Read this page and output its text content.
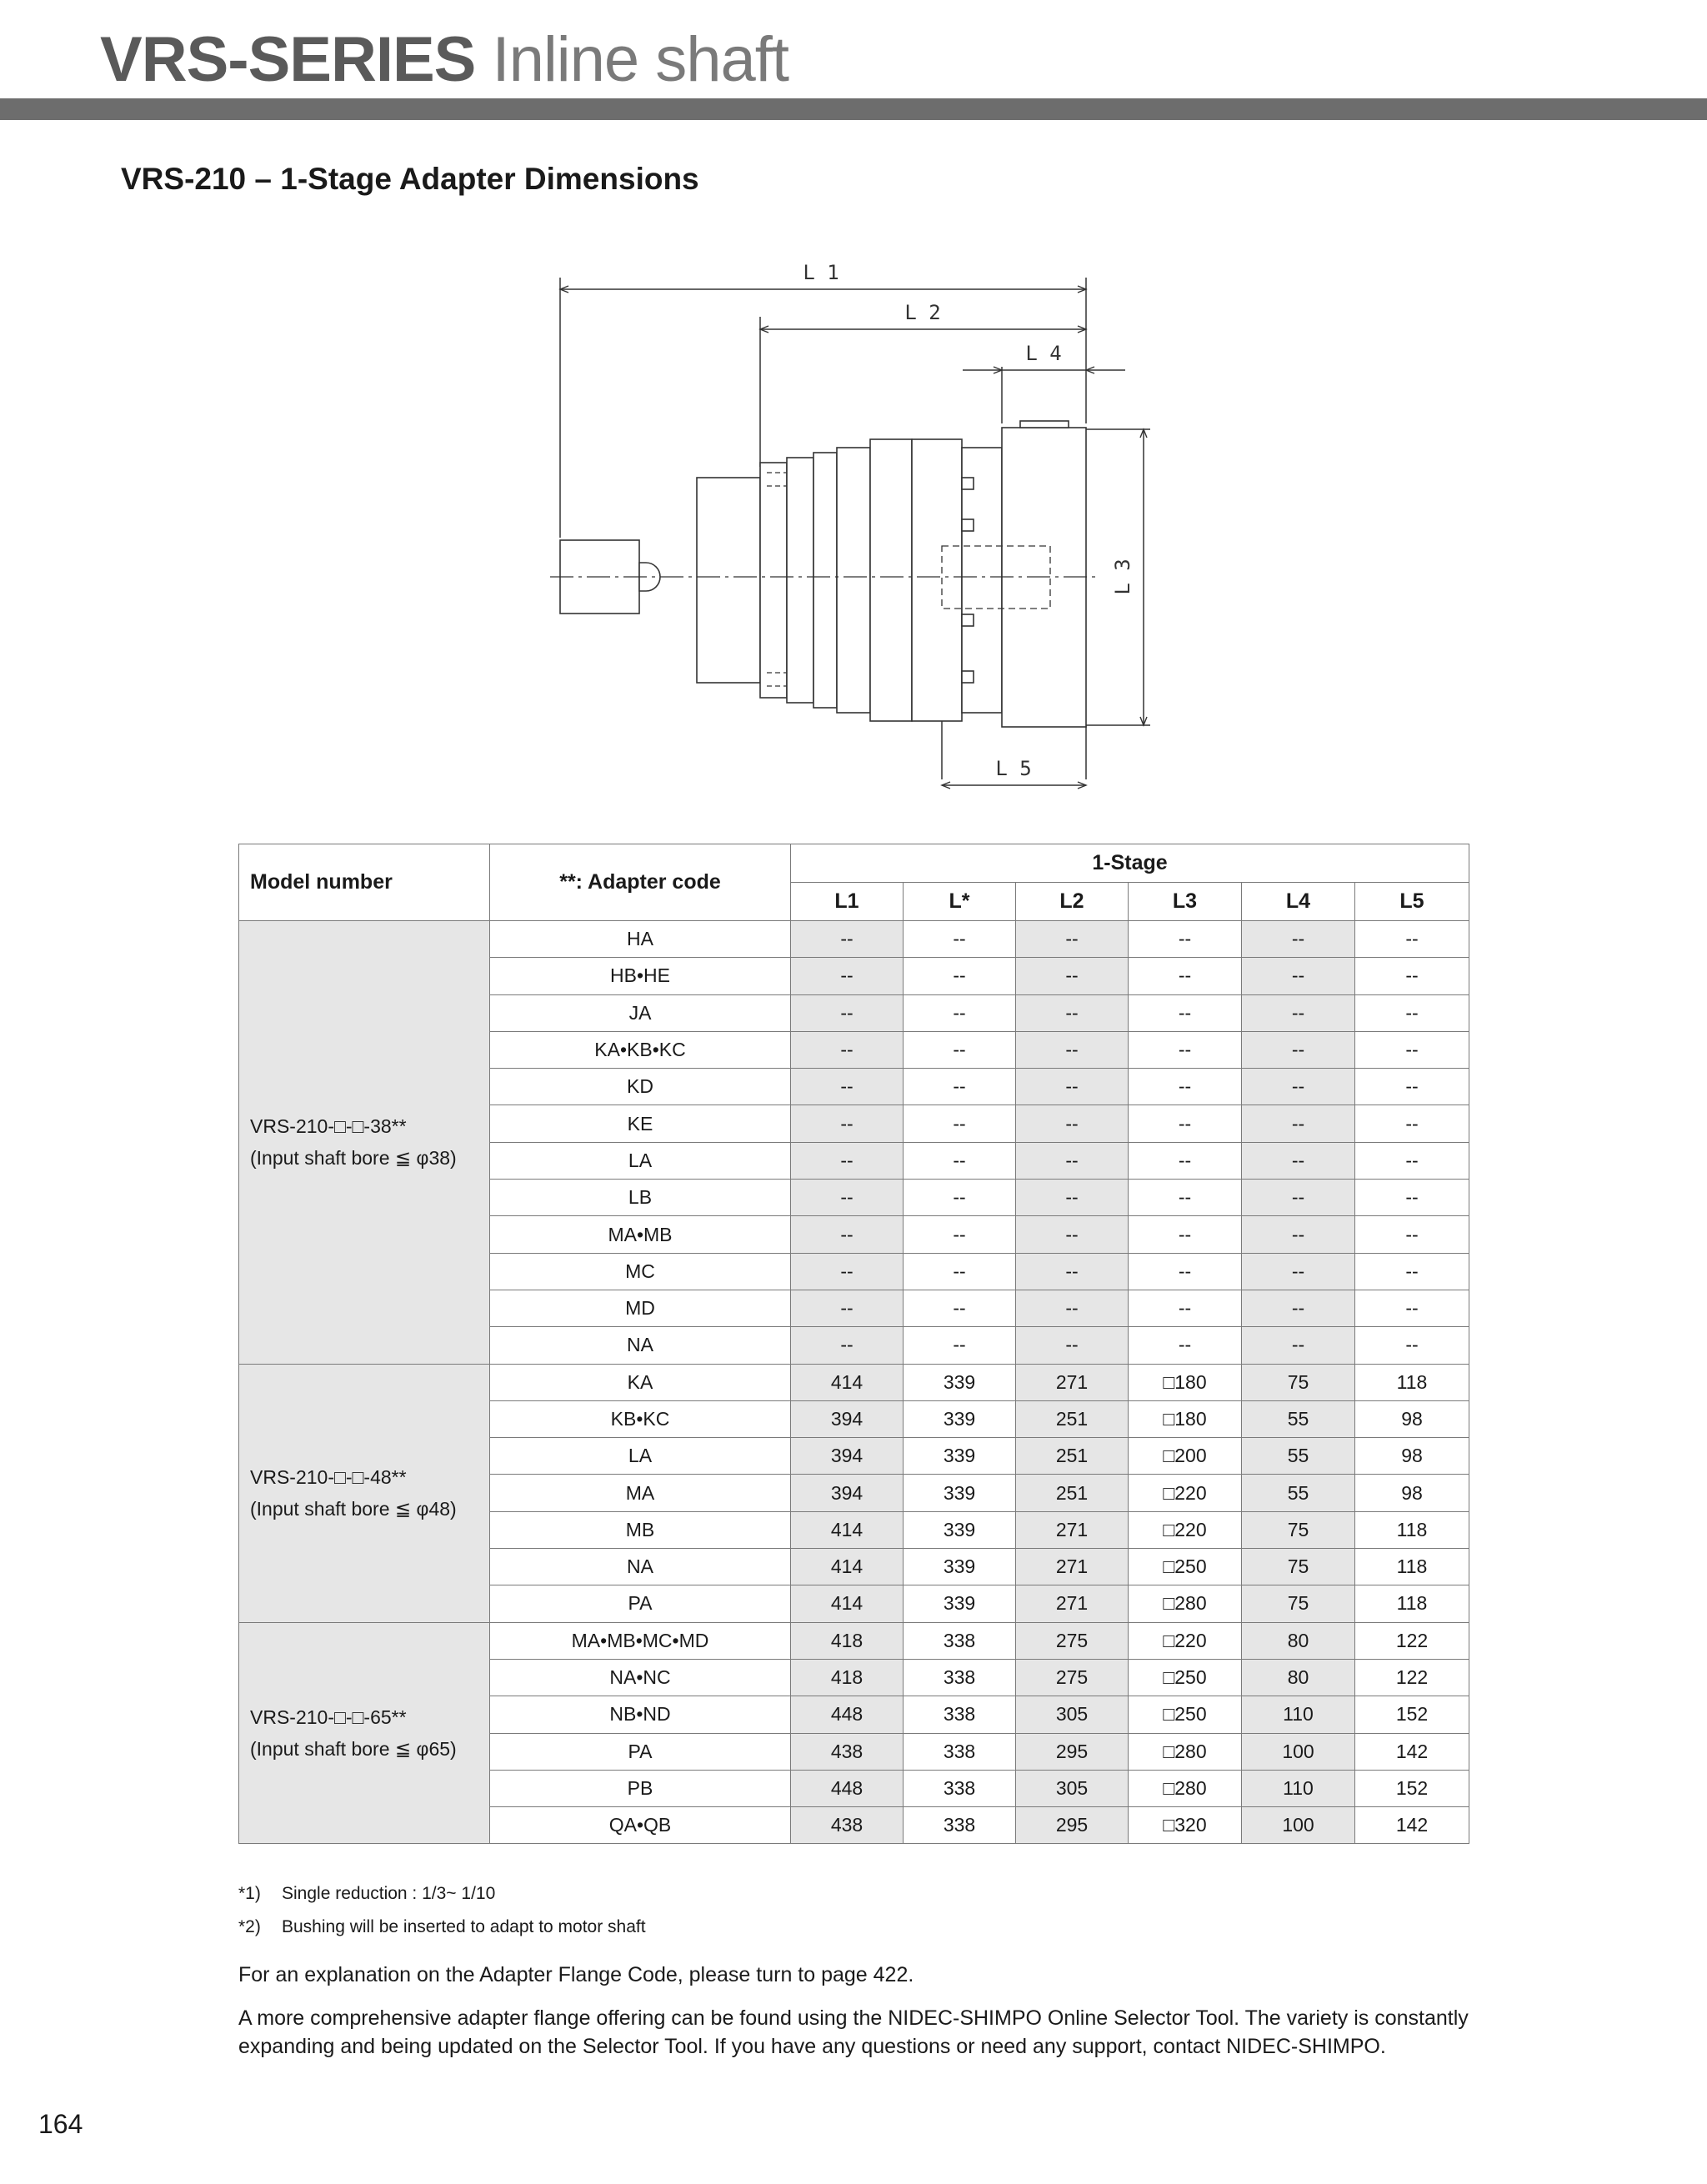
VRS-SERIES Inline shaft
VRS-210 – 1-Stage Adapter Dimensions
L 1
L 2
L 4
L 5
L 3
Model number	**: Adapter code	1-Stage					
		L1	L*	L2	L3	L4	L5

VRS-210-□-□-38**
(Input shaft bore ≦ φ38)	HA	--	--	--	--	--	--
	HB•HE	--	--	--	--	--	--
	JA	--	--	--	--	--	--
	KA•KB•KC	--	--	--	--	--	--
	KD	--	--	--	--	--	--
	KE	--	--	--	--	--	--
	LA	--	--	--	--	--	--
	LB	--	--	--	--	--	--
	MA•MB	--	--	--	--	--	--
	MC	--	--	--	--	--	--
	MD	--	--	--	--	--	--
	NA	--	--	--	--	--	--

VRS-210-□-□-48**
(Input shaft bore ≦ φ48)	KA	414	339	271	□180	75	118
	KB•KC	394	339	251	□180	55	98
	LA	394	339	251	□200	55	98
	MA	394	339	251	□220	55	98
	MB	414	339	271	□220	75	118
	NA	414	339	271	□250	75	118
	PA	414	339	271	□280	75	118

VRS-210-□-□-65**
(Input shaft bore ≦ φ65)	MA•MB•MC•MD	418	338	275	□220	80	122
	NA•NC	418	338	275	□250	80	122
	NB•ND	448	338	305	□250	110	152
	PA	438	338	295	□280	100	142
	PB	448	338	305	□280	110	152
	QA•QB	438	338	295	□320	100	142
*1) Single reduction : 1/3~ 1/10
*2) Bushing will be inserted to adapt to motor shaft

For an explanation on the Adapter Flange Code, please turn to page 422.

A more comprehensive adapter flange offering can be found using the NIDEC-SHIMPO Online Selector Tool. The variety is constantly expanding and being updated on the Selector Tool. If you have any questions or need any support, contact NIDEC-SHIMPO.

164
